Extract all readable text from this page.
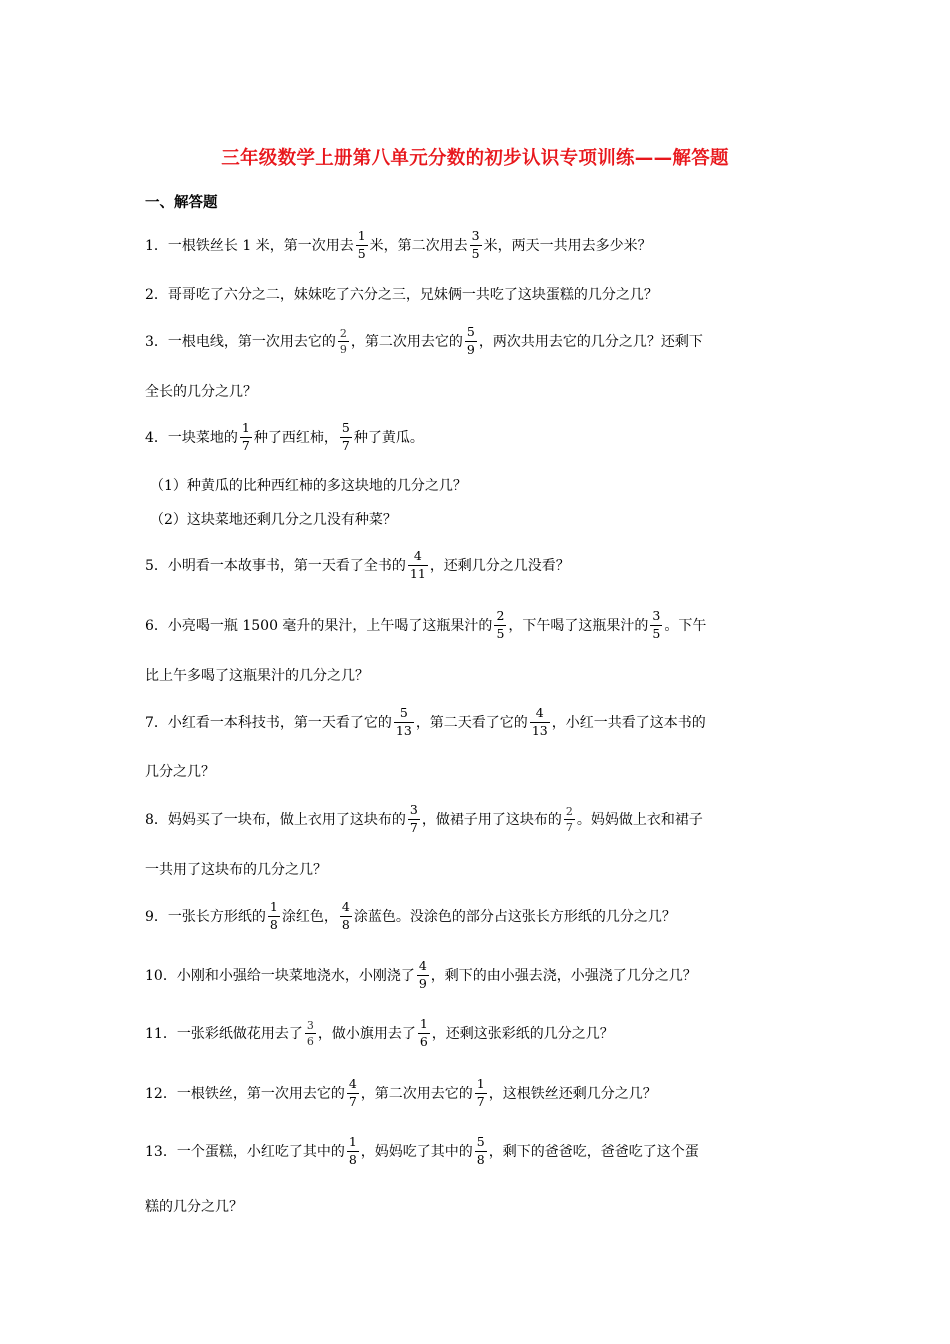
三年级数学上册第八单元分数的初步认识专项训练——解答题
一、解答题
1．一根铁丝长 1 米，第一次用去 $\frac{1}{5}$ 米，第二次用去 $\frac{3}{5}$ 米，两天一共用去多少米？
2．哥哥吃了六分之二，妹妹吃了六分之三，兄妹俩一共吃了这块蛋糕的几分之几？
3．一根电线，第一次用去它的 $\frac{2}{9}$ ，第二次用去它的 $\frac{5}{9}$ ，两次共用去它的几分之几？还剩下
全长的几分之几？
4．一块菜地的 $\frac{1}{7}$ 种了西红柿， $\frac{5}{7}$ 种了黄瓜。
（1）种黄瓜的比种西红柿的多这块地的几分之几？
（2）这块菜地还剩几分之几没有种菜？
5．小明看一本故事书，第一天看了全书的 $\frac{4}{11}$ ，还剩几分之几没看？
6．小亮喝一瓶 1500 毫升的果汁，上午喝了这瓶果汁的 $\frac{2}{5}$ ，下午喝了这瓶果汁的 $\frac{3}{5}$ 。下午
比上午多喝了这瓶果汁的几分之几？
7．小红看一本科技书，第一天看了它的 $\frac{5}{13}$ ，第二天看了它的 $\frac{4}{13}$ ，小红一共看了这本书的
几分之几？
8．妈妈买了一块布，做上衣用了这块布的 $\frac{3}{7}$ ，做裙子用了这块布的 $\frac{2}{7}$ 。妈妈做上衣和裙子
一共用了这块布的几分之几？
9．一张长方形纸的 $\frac{1}{8}$ 涂红色， $\frac{4}{8}$ 涂蓝色。没涂色的部分占这张长方形纸的几分之几？
10．小刚和小强给一块菜地浇水，小刚浇了 $\frac{4}{9}$ ，剩下的由小强去浇，小强浇了几分之几？
11．一张彩纸做花用去了 $\frac{3}{6}$ ，做小旗用去了 $\frac{1}{6}$ ，还剩这张彩纸的几分之几？
12．一根铁丝，第一次用去它的 $\frac{4}{7}$ ，第二次用去它的 $\frac{1}{7}$ ，这根铁丝还剩几分之几？
13．一个蛋糕，小红吃了其中的 $\frac{1}{8}$ ，妈妈吃了其中的 $\frac{5}{8}$ ，剩下的爸爸吃，爸爸吃了这个蛋
糕的几分之几？
